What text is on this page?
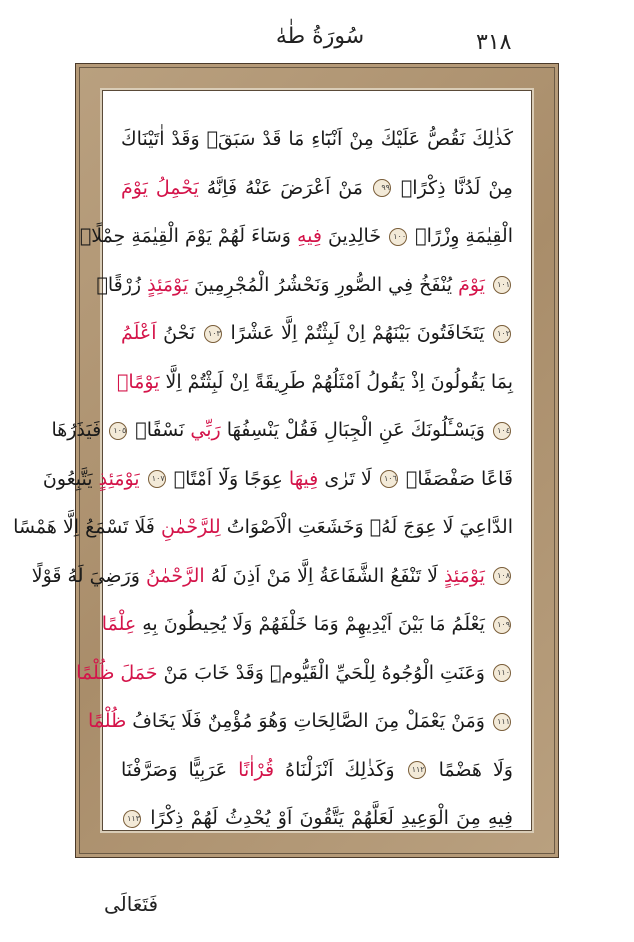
٣١٨
سُورَةُ طٰهٰ
كَذٰلِكَ نَقُصُّ عَلَيْكَ مِنْ اَنْبَٓاءِ مَا قَدْ سَبَقَۚ وَقَدْ اٰتَيْنَاكَ
مِنْ لَدُنَّا ذِكْرًاۚ ٩٩ مَنْ اَعْرَضَ عَنْهُ فَاِنَّهُ يَحْمِلُ يَوْمَ
الْقِيٰمَةِ وِزْرًاۙ ١٠٠ خَالِدِينَ فِيهِ وَسَٓاءَ لَهُمْ يَوْمَ الْقِيٰمَةِ حِمْلًاۙ
١٠١ يَوْمَ يُنْفَخُ فِي الصُّورِ وَنَحْشُرُ الْمُجْرِمِينَ يَوْمَئِذٍ زُرْقًاۚ
١٠٢ يَتَخَافَتُونَ بَيْنَهُمْ اِنْ لَبِثْتُمْ اِلَّا عَشْرًا ١٠٣ نَحْنُ اَعْلَمُ
بِمَا يَقُولُونَ اِذْ يَقُولُ اَمْثَلُهُمْ طَرِيقَةً اِنْ لَبِثْتُمْ اِلَّا يَوْمًاۚ
١٠٤ وَيَسْـَٔلُونَكَ عَنِ الْجِبَالِ فَقُلْ يَنْسِفُهَا رَبِّي نَسْفًاۙ ١٠٥ فَيَذَرُهَا
قَاعًا صَفْصَفًاۙ ١٠٦ لَا تَرٰى فِيهَا عِوَجًا وَلَٓا اَمْتًاۜ ١٠٧ يَوْمَئِذٍ يَتَّبِعُونَ
الدَّاعِيَ لَا عِوَجَ لَهُۚ وَخَشَعَتِ الْاَصْوَاتُ لِلرَّحْمٰنِ فَلَا تَسْمَعُ اِلَّا هَمْسًا
١٠٨ يَوْمَئِذٍ لَا تَنْفَعُ الشَّفَاعَةُ اِلَّا مَنْ اَذِنَ لَهُ الرَّحْمٰنُ وَرَضِيَ لَهُ قَوْلًا
١٠٩ يَعْلَمُ مَا بَيْنَ اَيْدِيهِمْ وَمَا خَلْفَهُمْ وَلَا يُحِيطُونَ بِهِ عِلْمًا
١١٠ وَعَنَتِ الْوُجُوهُ لِلْحَيِّ الْقَيُّومِۜ وَقَدْ خَابَ مَنْ حَمَلَ ظُلْمًا
١١١ وَمَنْ يَعْمَلْ مِنَ الصَّالِحَاتِ وَهُوَ مُؤْمِنٌ فَلَا يَخَافُ ظُلْمًا
وَلَا هَضْمًا ١١٢ وَكَذٰلِكَ اَنْزَلْنَاهُ قُرْاٰنًا عَرَبِيًّا وَصَرَّفْنَا
فِيهِ مِنَ الْوَعِيدِ لَعَلَّهُمْ يَتَّقُونَ اَوْ يُحْدِثُ لَهُمْ ذِكْرًا ١١٣
فَتَعَالَى
